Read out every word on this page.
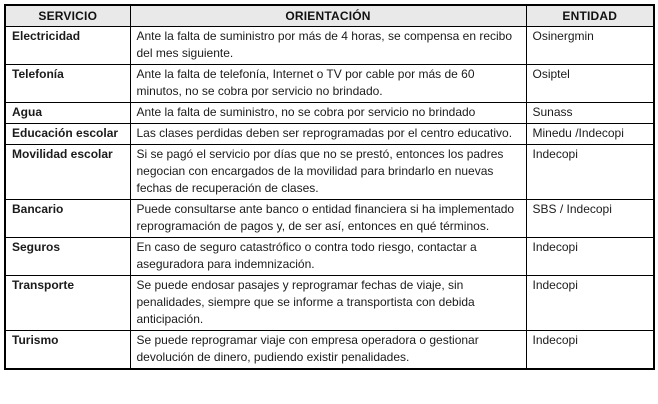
SERVICIO	ORIENTACIÓN	ENTIDAD
Electricidad	Ante la falta de suministro por más de 4 horas, se compensa en recibo del mes siguiente.	Osinergmin
Telefonía	Ante la falta de telefonía, Internet o TV por cable por más de 60 minutos, no se cobra por servicio no brindado.	Osiptel
Agua	Ante la falta de suministro, no se cobra por servicio no brindado	Sunass
Educación escolar	Las clases perdidas deben ser reprogramadas por el centro educativo.	Minedu /Indecopi
Movilidad escolar	Si se pagó el servicio por días que no se prestó, entonces los padres negocian con encargados de la movilidad para brindarlo en nuevas fechas de recuperación de clases.	Indecopi
Bancario	Puede consultarse ante banco o entidad financiera si ha implementado reprogramación de pagos y, de ser así, entonces en qué términos.	SBS / Indecopi
Seguros	En caso de seguro catastrófico o contra todo riesgo, contactar a aseguradora para indemnización.	Indecopi
Transporte	Se puede endosar pasajes y reprogramar fechas de viaje, sin penalidades, siempre que se informe a transportista con debida anticipación.	Indecopi
Turismo	Se puede reprogramar viaje con empresa operadora o gestionar devolución de dinero, pudiendo existir penalidades.	Indecopi
